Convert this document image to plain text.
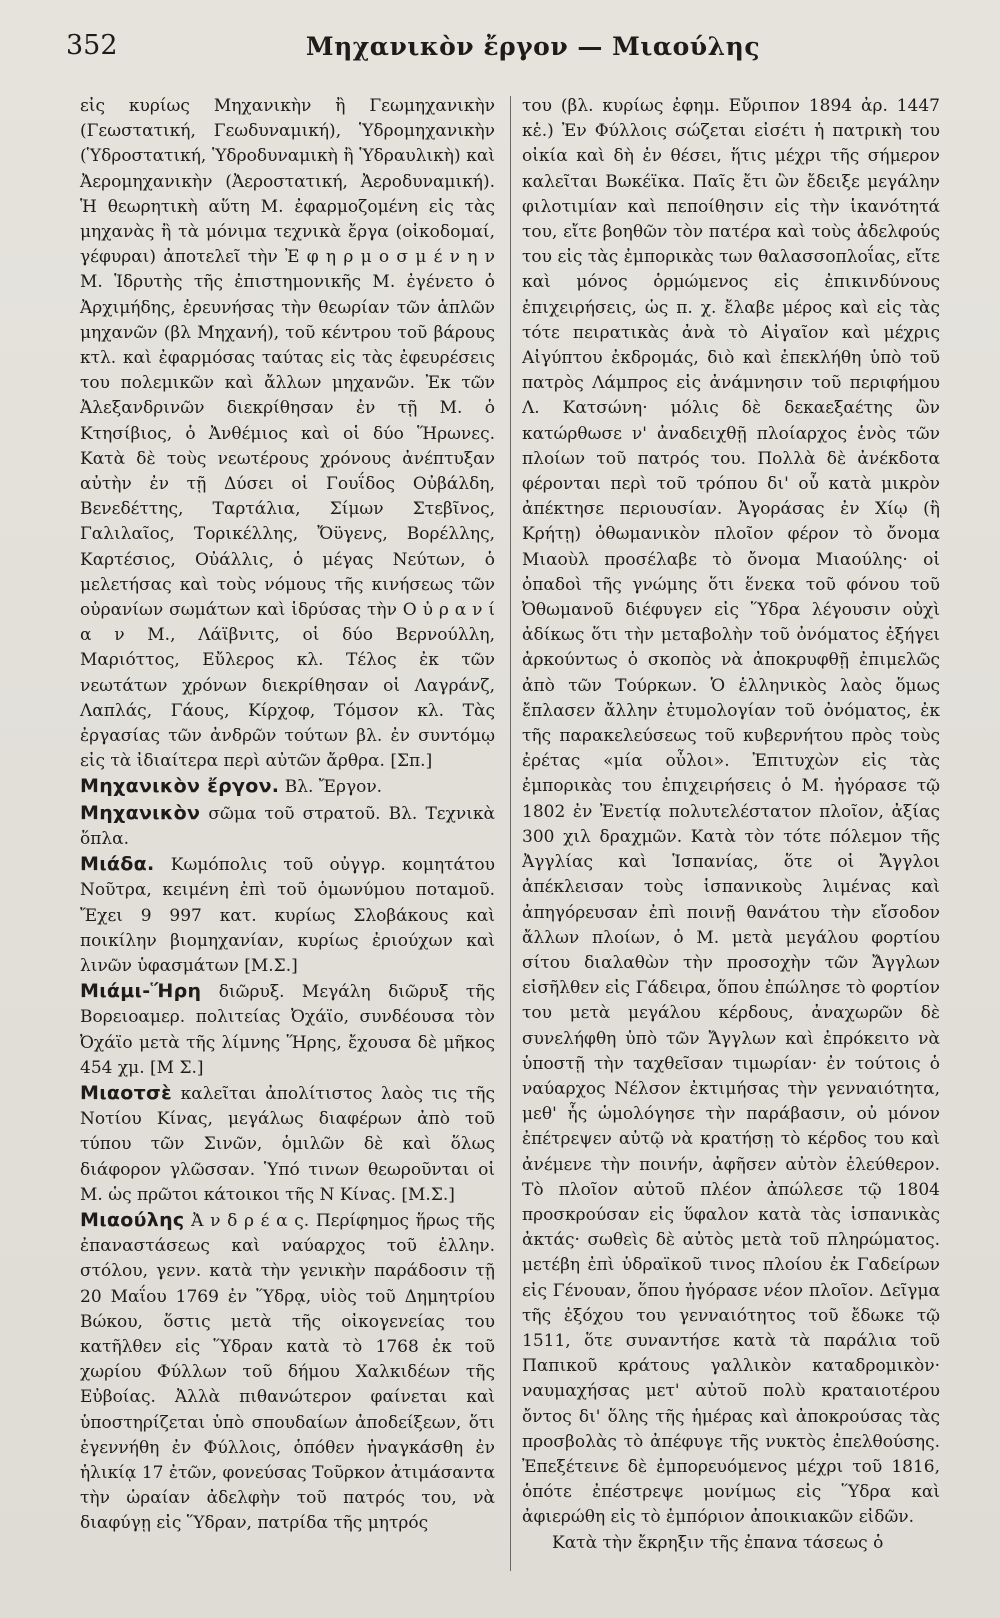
352	Μηχανικὸν ἔργον — Μιαούλης

εἰς κυρίως Μηχανικὴν ἢ Γεωμηχανικὴν (Γεωστατική, Γεωδυναμική), Ὑδρομηχανικὴν (Ὑδροστατική, Ὑδροδυναμικὴ ἢ Ὑδραυλικὴ) καὶ Ἀερομηχανικὴν (Ἀεροστατική, Ἀεροδυναμική). Ἡ θεωρητικὴ αὕτη Μ. ἐφαρμοζομένη εἰς τὰς μηχανὰς ἢ τὰ μόνιμα τεχνικὰ ἔργα (οἰκοδομαί, γέφυραι) ἀποτελεῖ τὴν Ἐ φ η ρ μ ο σ μ έ ν η ν Μ. Ἱδρυτὴς τῆς ἐπιστημονικῆς Μ. ἐγένετο ὁ Ἀρχιμήδης, ἐρευνήσας τὴν θεωρίαν τῶν ἁπλῶν μηχανῶν (βλ Μηχανή), τοῦ κέντρου τοῦ βάρους κτλ. καὶ ἐφαρμόσας ταύτας εἰς τὰς ἐφευρέσεις του πολεμικῶν καὶ ἄλλων μηχανῶν. Ἐκ τῶν Ἀλεξανδρινῶν διεκρίθησαν ἐν τῇ Μ. ὁ Κτησίβιος, ὁ Ἀνθέμιος καὶ οἱ δύο Ἥρωνες. Κατὰ δὲ τοὺς νεωτέρους χρόνους ἀνέπτυξαν αὐτὴν ἐν τῇ Δύσει οἱ Γουΐδος Οὐβάλδη, Βενεδέττης, Ταρτάλια, Σίμων Στεβῖνος, Γαλιλαῖος, Τορικέλλης, Ὄϋγενς, Βορέλλης, Καρτέσιος, Οὐάλλις, ὁ μέγας Νεύτων, ὁ μελετήσας καὶ τοὺς νόμους τῆς κινήσεως τῶν οὐρανίων σωμάτων καὶ ἱδρύσας τὴν Ο ὐ ρ α ν ί α ν Μ., Λάϊβνιτς, οἱ δύο Βερνούλλη, Μαριόττος, Εὔλερος κλ. Τέλος ἐκ τῶν νεωτάτων χρόνων διεκρίθησαν οἱ Λαγράνζ, Λαπλάς, Γάους, Κίρχοφ, Τόμσον κλ. Τὰς ἐργασίας τῶν ἀνδρῶν τούτων βλ. ἐν συντόμῳ εἰς τὰ ἰδιαίτερα περὶ αὐτῶν ἄρθρα. [Σπ.]

Μηχανικὸν ἔργον. Βλ. Ἔργον.

Μηχανικὸν σῶμα τοῦ στρατοῦ. Βλ. Τεχνικὰ ὅπλα.

Μιάδα. Κωμόπολις τοῦ οὐγγρ. κομητάτου Νοῦτρα, κειμένη ἐπὶ τοῦ ὁμωνύμου ποταμοῦ. Ἔχει 9 997 κατ. κυρίως Σλοβάκους καὶ ποικίλην βιομηχανίαν, κυρίως ἐριούχων καὶ λινῶν ὑφασμάτων [Μ.Σ.]

Μιάμι-Ἥρη διῶρυξ. Μεγάλη διῶρυξ τῆς Βορειοαμερ. πολιτείας Ὀχάϊο, συνδέουσα τὸν Ὀχάϊο μετὰ τῆς λίμνης Ἥρης, ἔχουσα δὲ μῆκος 454 χμ. [Μ Σ.]

Μιαοτσὲ καλεῖται ἀπολίτιστος λαὸς τις τῆς Νοτίου Κίνας, μεγάλως διαφέρων ἀπὸ τοῦ τύπου τῶν Σινῶν, ὁμιλῶν δὲ καὶ ὅλως διάφορον γλῶσσαν. Ὑπό τινων θεωροῦνται οἱ Μ. ὡς πρῶτοι κάτοικοι τῆς Ν Κίνας. [Μ.Σ.]

Μιαούλης Ἀ ν δ ρ έ α ς. Περίφημος ἥρως τῆς ἐπαναστάσεως καὶ ναύαρχος τοῦ ἑλλην. στόλου, γενν. κατὰ τὴν γενικὴν παράδοσιν τῇ 20 Μαΐου 1769 ἐν Ὕδρᾳ, υἱὸς τοῦ Δημητρίου Βώκου, ὅστις μετὰ τῆς οἰκογενείας του κατῆλθεν εἰς Ὕδραν κατὰ τὸ 1768 ἐκ τοῦ χωρίου Φύλλων τοῦ δήμου Χαλκιδέων τῆς Εὐβοίας. Ἀλλὰ πιθανώτερον φαίνεται καὶ ὑποστηρίζεται ὑπὸ σπουδαίων ἀποδείξεων, ὅτι ἐγεννήθη ἐν Φύλλοις, ὁπόθεν ἠναγκάσθη ἐν ἡλικίᾳ 17 ἐτῶν, φονεύσας Τοῦρκον ἀτιμάσαντα τὴν ὡραίαν ἀδελφὴν τοῦ πατρός του, νὰ διαφύγῃ εἰς Ὕδραν, πατρίδα τῆς μητρός

του (βλ. κυρίως ἐφημ. Εὔριπον 1894 ἀρ. 1447 κἑ.) Ἐν Φύλλοις σώζεται εἰσέτι ἡ πατρικὴ του οἰκία καὶ δὴ ἐν θέσει, ἥτις μέχρι τῆς σήμερον καλεῖται Βωκέϊκα. Παῖς ἔτι ὢν ἔδειξε μεγάλην φιλοτιμίαν καὶ πεποίθησιν εἰς τὴν ἱκανότητά του, εἴτε βοηθῶν τὸν πατέρα καὶ τοὺς ἀδελφούς του εἰς τὰς ἐμπορικὰς των θαλασσοπλοΐας, εἴτε καὶ μόνος ὁρμώμενος εἰς ἐπικινδύνους ἐπιχειρήσεις, ὡς π. χ. ἔλαβε μέρος καὶ εἰς τὰς τότε πειρατικὰς ἀνὰ τὸ Αἰγαῖον καὶ μέχρις Αἰγύπτου ἐκδρομάς, διὸ καὶ ἐπεκλήθη ὑπὸ τοῦ πατρὸς Λάμπρος εἰς ἀνάμνησιν τοῦ περιφήμου Λ. Κατσώνη· μόλις δὲ δεκαεξαέτης ὢν κατώρθωσε ν' ἀναδειχθῇ πλοίαρχος ἑνὸς τῶν πλοίων τοῦ πατρός του. Πολλὰ δὲ ἀνέκδοτα φέρονται περὶ τοῦ τρόπου δι' οὗ κατὰ μικρὸν ἀπέκτησε περιουσίαν. Ἀγοράσας ἐν Χίῳ (ἢ Κρήτῃ) ὀθωμανικὸν πλοῖον φέρον τὸ ὄνομα Μιαοὺλ προσέλαβε τὸ ὄνομα Μιαούλης· οἱ ὀπαδοὶ τῆς γνώμης ὅτι ἕνεκα τοῦ φόνου τοῦ Ὀθωμανοῦ διέφυγεν εἰς Ὕδρα λέγουσιν οὐχὶ ἀδίκως ὅτι τὴν μεταβολὴν τοῦ ὀνόματος ἐξήγει ἀρκούντως ὁ σκοπὸς νὰ ἀποκρυφθῇ ἐπιμελῶς ἀπὸ τῶν Τούρκων. Ὁ ἑλληνικὸς λαὸς ὅμως ἔπλασεν ἄλλην ἐτυμολογίαν τοῦ ὀνόματος, ἐκ τῆς παρακελεύσεως τοῦ κυβερνήτου πρὸς τοὺς ἐρέτας «μία οὖλοι». Ἐπιτυχὼν εἰς τὰς ἐμπορικὰς του ἐπιχειρήσεις ὁ Μ. ἠγόρασε τῷ 1802 ἐν Ἐνετίᾳ πολυτελέστατον πλοῖον, ἀξίας 300 χιλ δραχμῶν. Κατὰ τὸν τότε πόλεμον τῆς Ἀγγλίας καὶ Ἱσπανίας, ὅτε οἱ Ἄγγλοι ἀπέκλεισαν τοὺς ἱσπανικοὺς λιμένας καὶ ἀπηγόρευσαν ἐπὶ ποινῇ θανάτου τὴν εἴσοδον ἄλλων πλοίων, ὁ Μ. μετὰ μεγάλου φορτίου σίτου διαλαθὼν τὴν προσοχὴν τῶν Ἄγγλων εἰσῆλθεν εἰς Γάδειρα, ὅπου ἐπώλησε τὸ φορτίον του μετὰ μεγάλου κέρδους, ἀναχωρῶν δὲ συνελήφθη ὑπὸ τῶν Ἄγγλων καὶ ἐπρόκειτο νὰ ὑποστῇ τὴν ταχθεῖσαν τιμωρίαν· ἐν τούτοις ὁ ναύαρχος Νέλσον ἐκτιμήσας τὴν γενναιότητα, μεθ' ἧς ὡμολόγησε τὴν παράβασιν, οὐ μόνον ἐπέτρεψεν αὐτῷ νὰ κρατήσῃ τὸ κέρδος του καὶ ἀνέμενε τὴν ποινήν, ἀφῆσεν αὐτὸν ἐλεύθερον. Τὸ πλοῖον αὐτοῦ πλέον ἀπώλεσε τῷ 1804 προσκρούσαν εἰς ὕφαλον κατὰ τὰς ἱσπανικὰς ἀκτάς· σωθεὶς δὲ αὐτὸς μετὰ τοῦ πληρώματος. μετέβη ἐπὶ ὑδραϊκοῦ τινος πλοίου ἐκ Γαδείρων εἰς Γένουαν, ὅπου ἠγόρασε νέον πλοῖον. Δεῖγμα τῆς ἐξόχου του γενναιότητος τοῦ ἔδωκε τῷ 1511, ὅτε συναντήσε κατὰ τὰ παράλια τοῦ Παπικοῦ κράτους γαλλικὸν καταδρομικὸν· ναυμαχήσας μετ' αὐτοῦ πολὺ κραταιοτέρου ὄντος δι' ὅλης τῆς ἡμέρας καὶ ἀποκρούσας τὰς προσβολὰς τὸ ἀπέφυγε τῆς νυκτὸς ἐπελθούσης. Ἐπεξέτεινε δὲ ἐμπορευόμενος μέχρι τοῦ 1816, ὁπότε ἐπέστρεψε μονίμως εἰς Ὕδρα καὶ ἀφιερώθη εἰς τὸ ἐμπόριον ἀποικιακῶν εἰδῶν.

Κατὰ τὴν ἔκρηξιν τῆς ἐπανα τάσεως ὁ
